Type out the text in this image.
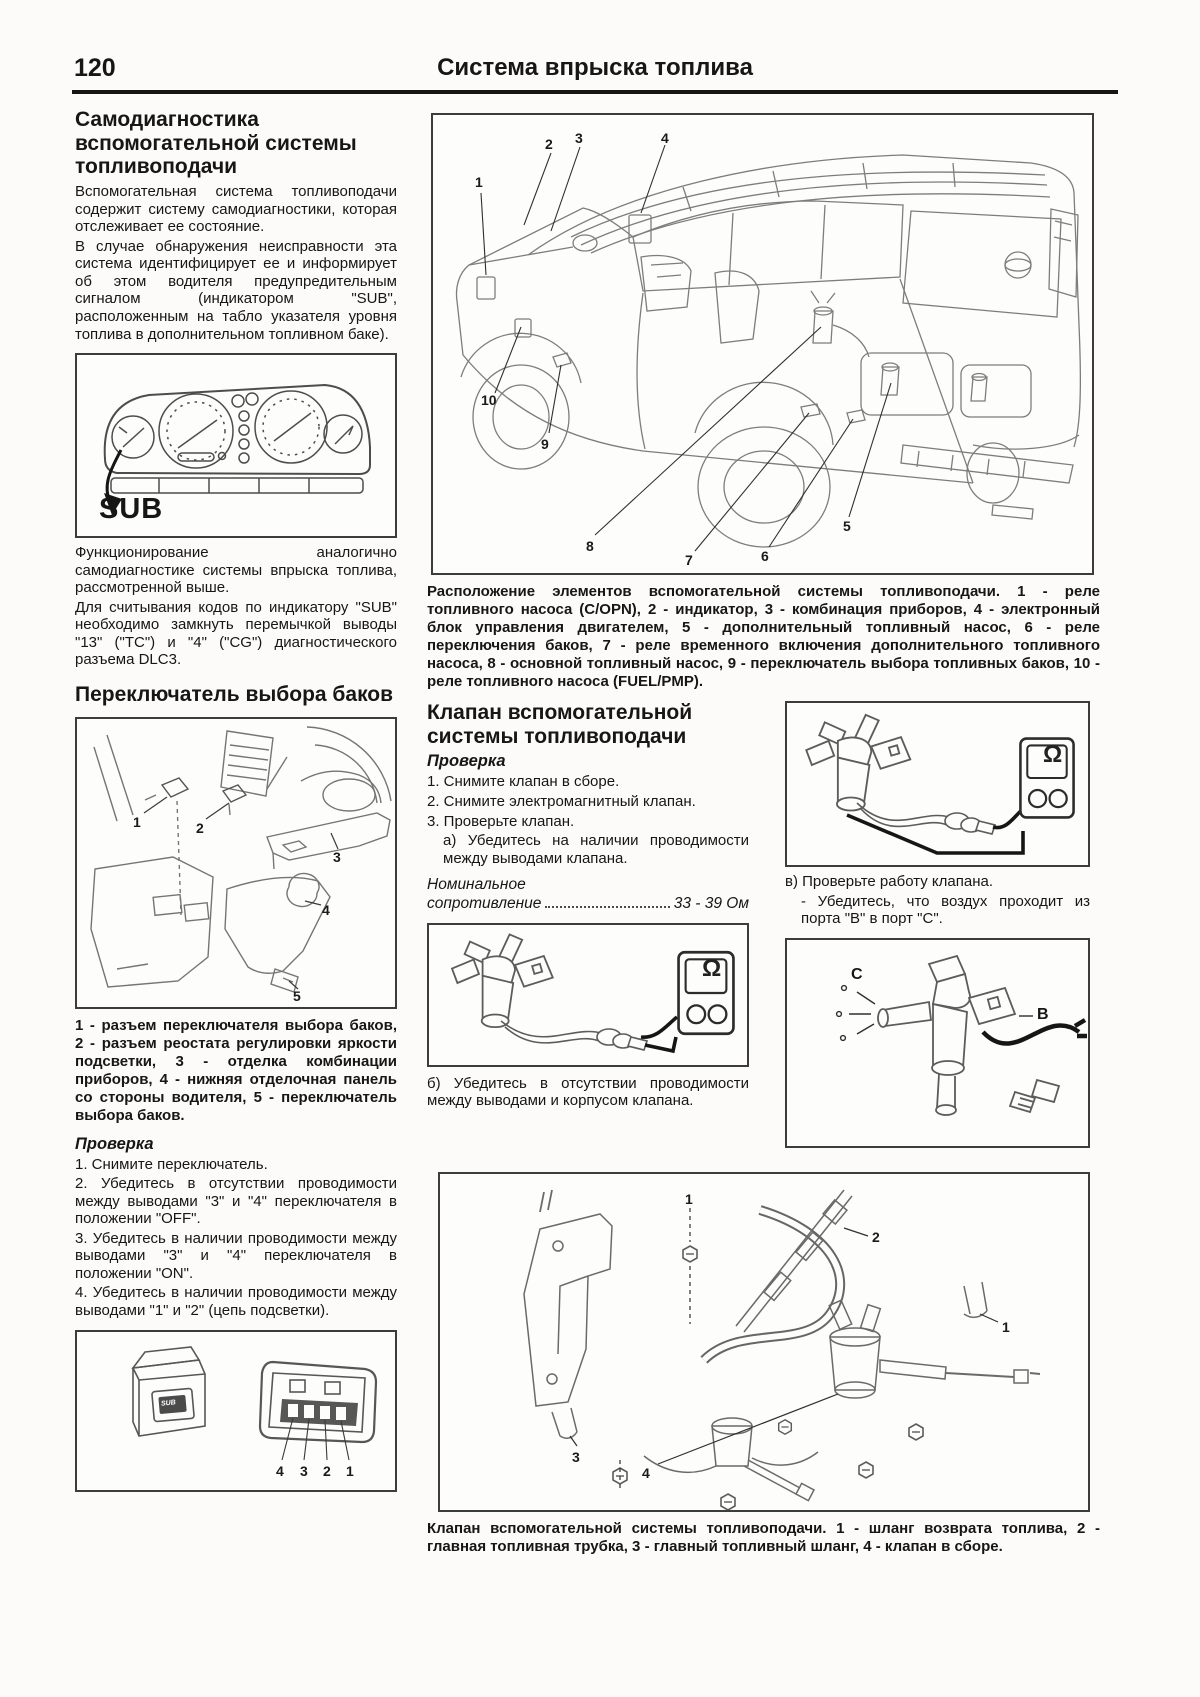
120	Система впрыска топлива
Самодиагностика вспомогательной системы топливоподачи

Вспомогательная система топливоподачи содержит систему самодиагностики, которая отслеживает ее состояние.

В случае обнаружения неисправности эта система идентифицирует ее и информирует об этом водителя предупредительным сигналом (индикатором "SUB", расположенным на табло указателя уровня топлива в дополнительном топливном баке).

SUB

Функционирование аналогично самодиагностике системы впрыска топлива, рассмотренной выше.

Для считывания кодов по индикатору "SUB" необходимо замкнуть перемычкой выводы "13" ("TC") и "4" ("CG") диагностического разъема DLC3.

Переключатель выбора баков
1	2
3
4
5

1 - разъем переключателя выбора баков, 2 - разъем реостата регулировки яркости подсветки, 3 - отделка комбинации приборов, 4 - нижняя отделочная панель со стороны водителя, 5 - переключатель выбора баков.

Проверка

1. Снимите переключатель.

2. Убедитесь в отсутствии проводимости между выводами "3" и "4" переключателя в положении "OFF".

3. Убедитесь в наличии проводимости между выводами "3" и "4" переключателя в положении "ON".

4. Убедитесь в наличии проводимости между выводами "1" и "2" (цепь подсветки).

SUB
4 3 2 1
1
2 3	4
5
6
7
8
9
10

Расположение элементов вспомогательной системы топливоподачи. 1 - реле топливного насоса (C/OPN), 2 - индикатор, 3 - комбинация приборов, 4 - электронный блок управления двигателем, 5 - дополнительный топливный насос, 6 - реле переключения баков, 7 - реле временного включения дополнительного топливного насоса, 8 - основной топливный насос, 9 - переключатель выбора топливных баков, 10 - реле топливного насоса (FUEL/PMP).

Клапан вспомогательной системы топливоподачи
Проверка

1. Снимите клапан в сборе.

2. Снимите электромагнитный клапан.

3. Проверьте клапан.

а) Убедитесь на наличии проводимости между выводами клапана.

Номинальное
сопротивление	33 - 39 Ом
Ω

б) Убедитесь в отсутствии проводимости между выводами и корпусом клапана.

Ω

в) Проверьте работу клапана.

- Убедитесь, что воздух проходит из порта "B" в порт "C".

C
B
1
2
1
3
4

Клапан вспомогательной системы топливоподачи. 1 - шланг возврата топлива, 2 - главная топливная трубка, 3 - главный топливный шланг, 4 - клапан в сборе.
